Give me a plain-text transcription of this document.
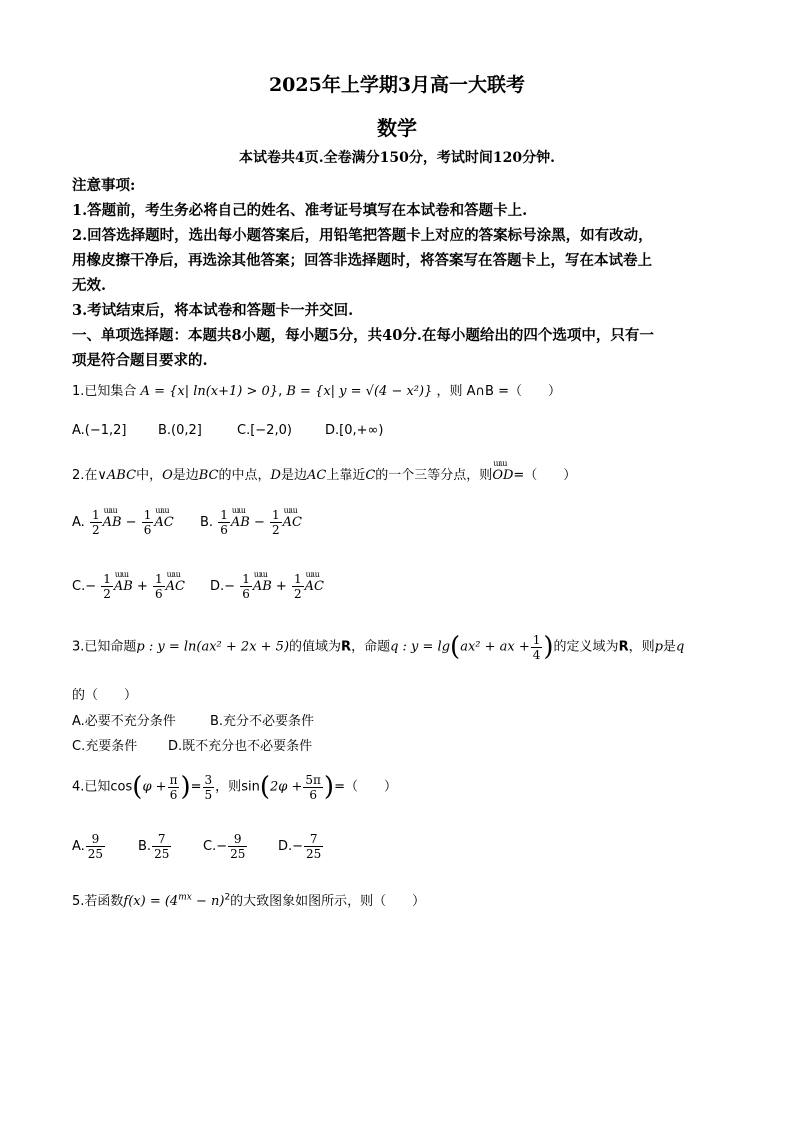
2025年上学期3月高一大联考
数学
本试卷共4页.全卷满分150分，考试时间120分钟.
注意事项:
1.答题前，考生务必将自己的姓名、准考证号填写在本试卷和答题卡上.
2.回答选择题时，选出每小题答案后，用铅笔把答题卡上对应的答案标号涂黑，如有改动，
用橡皮擦干净后，再选涂其他答案；回答非选择题时，将答案写在答题卡上，写在本试卷上
无效.
3.考试结束后，将本试卷和答题卡一并交回.
一、单项选择题：本题共8小题，每小题5分，共40分.在每小题给出的四个选项中，只有一
项是符合题目要求的.
1.已知集合 A = {x| ln(x+1) > 0}, B = {x| y = √(4 − x²)} ，则 A∩B =（　　）
A.(−1,2] B.(0,2]	C.[−2,0)	D.[0,+∞)
2.在∨ABC中，O是边BC的中点，D是边AC上靠近C的一个三等分点，则ɯɯ OD=（　　）
A. $\frac{1}{2}$ ɯɯ AB − $\frac{1}{6}$ ɯɯ AC B. $\frac{1}{6}$ ɯɯ AB − $\frac{1}{2}$ ɯɯ AC
$C.- \frac{1}{2}$ ɯɯ AB + $\frac{1}{6}$ ɯɯ AC $D.- \frac{1}{6}$ ɯɯ AB + $\frac{1}{2}$ ɯɯ AC
3.已知命题p : y = ln(ax² + 2x + 5)的值域为R，命题q : y = lg(ax² + ax + $\frac{1}{4}$ )的定义域为R，则p是q
的（　　）
A.必要不充分条件	B.充分不必要条件
C.充要条件 D.既不充分也不必要条件
4.已知$\cos(\varphi + \frac{\pi}{6}$ )= $\frac{3}{5}$ ，则$\sin(2\varphi + \frac{5\pi}{6}$ )=（　　）
A. $\frac{9}{25}$	B. $\frac{7}{25} C.- \frac{9}{25} D.- \frac{7}{25}$
5.若函数$f(x) = (4^{mx} - n)^2$的大致图象如图所示，则（　　）
